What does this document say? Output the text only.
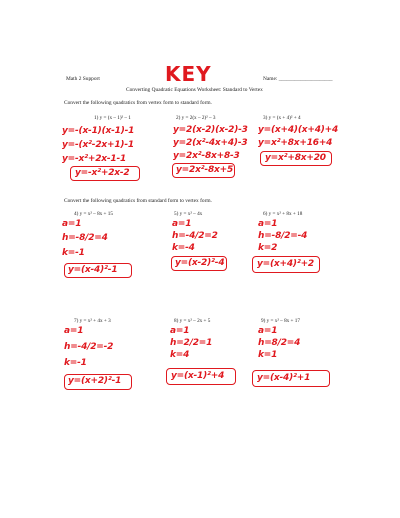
Math 2 Support	Name: ____________________
Converting Quadratic Equations Worksheet: Standard to Vertex
KEY
Convert the following quadratics from vertex form to standard form.
1) y = (x – 1)² – 1
y=-(x-1)(x-1)-1
y=-(x²-2x+1)-1
y=-x²+2x-1-1
y=-x²+2x-2
2) y = 2(x – 2)² – 3
y=2(x-2)(x-2)-3
y=2(x²-4x+4)-3
y=2x²-8x+8-3
y=2x²-8x+5
3) y = (x + 4)² + 4
y=(x+4)(x+4)+4
y=x²+8x+16+4
y=x²+8x+20
Convert the following quadratics from standard form to vertex form.
4) y = x² – 8x + 15
a=1
h=-8/2=4
k=-1
y=(x-4)²-1
5) y = x² – 4x
a=1
h=-4/2=2
k=-4
y=(x-2)²-4
6) y = x² + 8x + 18
a=1
h=-8/2=-4
k=2
y=(x+4)²+2
7) y = x² + 4x + 3
a=1
h=-4/2=-2
k=-1
y=(x+2)²-1
8) y = x² – 2x + 5
a=1
h=2/2=1
k=4
y=(x-1)²+4
9) y = x² – 8x + 17
a=1
h=8/2=4
k=1
y=(x-4)²+1
